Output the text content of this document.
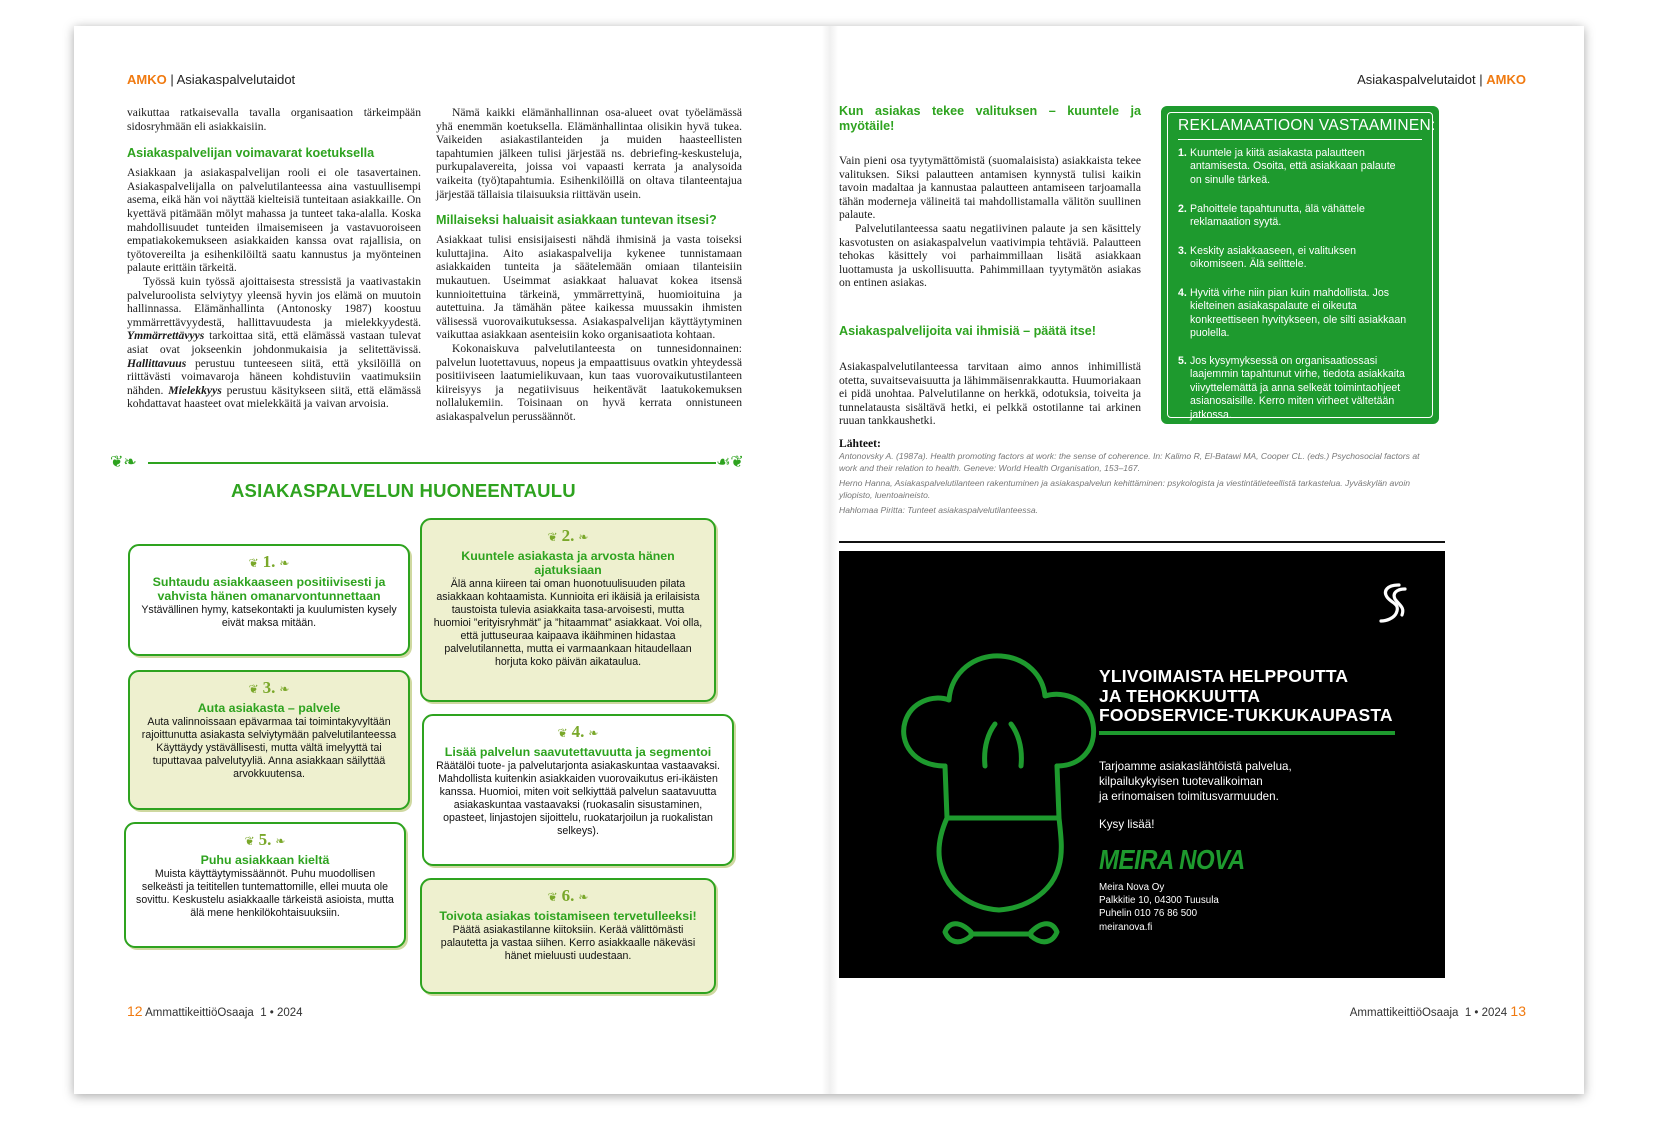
AMKO | Asiakaspalvelutaidot

vaikuttaa ratkaisevalla tavalla organisaation tärkeimpään sidosryhmään eli asiakkaisiin.

Asiakaspalvelijan voimavarat koetuksella

Asiakkaan ja asiakaspalvelijan rooli ei ole tasavertainen. Asiakaspalvelijalla on palvelutilanteessa aina vastuullisempi asema, eikä hän voi näyttää kielteisiä tunteitaan asiakkaille. On kyettävä pitämään mölyt mahassa ja tunteet taka-alalla. Koska mahdollisuudet tunteiden ilmaisemiseen ja vastavuoroiseen empatiakokemukseen asiakkaiden kanssa ovat rajallisia, on työtovereilta ja esihenkilöiltä saatu kannustus ja myönteinen palaute erittäin tärkeitä.

Työssä kuin työssä ajoittaisesta stressistä ja vaativastakin palveluroolista selviytyy yleensä hyvin jos elämä on muutoin hallinnassa. Elämänhallinta (Antonosky 1987) koostuu ymmärrettävyydestä, hallittavuudesta ja mielekkyydestä. Ymmärrettävyys tarkoittaa sitä, että elämässä vastaan tulevat asiat ovat jokseenkin johdonmukaisia ja selitettävissä. Hallittavuus perustuu tunteeseen siitä, että yksilöillä on riittävästi voimavaroja häneen kohdistuviin vaatimuksiin nähden. Mielekkyys perustuu käsitykseen siitä, että elämässä kohdattavat haasteet ovat mielekkäitä ja vaivan arvoisia.

Nämä kaikki elämänhallinnan osa-alueet ovat työelämässä yhä enemmän koetuksella. Elämänhallintaa olisikin hyvä tukea. Vaikeiden asiakastilanteiden ja muiden haasteellisten tapahtumien jälkeen tulisi järjestää ns. debriefing-keskusteluja, purkupalavereita, joissa voi vapaasti kerrata ja analysoida vaikeita (työ)tapahtumia. Esihenkilöillä on oltava tilanteentajua järjestää tällaisia tilaisuuksia riittävän usein.

Millaiseksi haluaisit asiakkaan tuntevan itsesi?

Asiakkaat tulisi ensisijaisesti nähdä ihmisinä ja vasta toiseksi kuluttajina. Aito asiakaspalvelija kykenee tunnistamaan asiakkaiden tunteita ja säätelemään omiaan tilanteisiin mukautuen. Useimmat asiakkaat haluavat kokea itsensä kunnioitettuina tärkeinä, ymmärrettyinä, huomioituina ja autettuina. Ja tämähän pätee kaikessa muussakin ihmisten välisessä vuorovaikutuksessa. Asiakaspalvelijan käyttäytyminen vaikuttaa asiakkaan asenteisiin koko organisaatiota kohtaan.

Kokonaiskuva palvelutilanteesta on tunnesidonnainen: palvelun luotettavuus, nopeus ja empaattisuus ovatkin yhteydessä positiiviseen laatumielikuvaan, kun taas vuorovaikutustilanteen kiireisyys ja negatiivisuus heikentävät laatukokemuksen nollalukemiin. Toisinaan on hyvä kerrata onnistuneen asiakaspalvelun perussäännöt.

❦❧	☙❦
ASIAKASPALVELUN HUONEENTAULU
❦ 1. ❧
Suhtaudu asiakkaaseen positiivisesti ja vahvista hänen omanarvontunnettaan
Ystävällinen hymy, katsekontakti ja kuulumisten kysely eivät maksa mitään.
❦ 2. ❧
Kuuntele asiakasta ja arvosta hänen ajatuksiaan
Älä anna kiireen tai oman huonotuulisuuden pilata asiakkaan kohtaamista. Kunnioita eri ikäisiä ja erilaisista taustoista tulevia asiakkaita tasa-arvoisesti, mutta huomioi ”erityisryhmät” ja ”hitaammat” asiakkaat. Voi olla, että juttuseuraa kaipaava ikäihminen hidastaa palvelutilannetta, mutta ei varmaankaan hitaudellaan horjuta koko päivän aikataulua.
❦ 3. ❧
Auta asiakasta – palvele
Auta valinnoissaan epävarmaa tai toimintakyvyltään rajoittunutta asiakasta selviytymään palvelutilanteessa Käyttäydy ystävällisesti, mutta vältä imelyyttä tai tuputtavaa palvelutyyliä. Anna asiakkaan säilyttää arvokkuutensa.
❦ 4. ❧
Lisää palvelun saavutettavuutta ja segmentoi
Räätälöi tuote- ja palvelutarjonta asiakaskuntaa vastaavaksi. Mahdollista kuitenkin asiakkaiden vuorovaikutus eri-ikäisten kanssa. Huomioi, miten voit selkiyttää palvelun saatavuutta asiakaskuntaa vastaavaksi (ruokasalin sisustaminen, opasteet, linjastojen sijoittelu, ruokatarjoilun ja ruokalistan selkeys).
❦ 5. ❧
Puhu asiakkaan kieltä
Muista käyttäytymissäännöt. Puhu muodollisen selkeästi ja teititellen tuntemattomille, ellei muuta ole sovittu. Keskustelu asiakkaalle tärkeistä asioista, mutta älä mene henkilökohtaisuuksiin.
❦ 6. ❧
Toivota asiakas toistamiseen tervetulleeksi!
Päätä asiakastilanne kiitoksiin. Kerää välittömästi palautetta ja vastaa siihen. Kerro asiakkaalle näkeväsi hänet mieluusti uudestaan.
12 AmmattikeittiöOsaaja 1 • 2024
Asiakaspalvelutaidot | AMKO
Kun asiakas tekee valituksen – kuuntele ja myötäile!

Vain pieni osa tyytymättömistä (suomalaisista) asiakkaista tekee valituksen. Siksi palautteen antamisen kynnystä tulisi kaikin tavoin madaltaa ja kannustaa palautteen antamiseen tarjoamalla tähän moderneja välineitä tai mahdollistamalla välitön suullinen palaute.

Palvelutilanteessa saatu negatiivinen palaute ja sen käsittely kasvotusten on asiakaspalvelun vaativimpia tehtäviä. Palautteen tehokas käsittely voi parhaimmillaan lisätä asiakkaan luottamusta ja uskollisuutta. Pahimmillaan tyytymätön asiakas on entinen asiakas.

Asiakaspalvelijoita vai ihmisiä – päätä itse!

Asiakaspalvelutilanteessa tarvitaan aimo annos inhimillistä otetta, suvaitsevaisuutta ja lähimmäisenrakkautta. Huumoriakaan ei pidä unohtaa. Palvelutilanne on herkkä, odotuksia, toiveita ja tunnelatausta sisältävä hetki, ei pelkkä ostotilanne tai arkinen ruuan tankkaushetki.

REKLAMAATIOON VASTAAMINEN:
1. Kuuntele ja kiitä asiakasta palautteen antamisesta. Osoita, että asiakkaan palaute on sinulle tärkeä.
2. Pahoittele tapahtunutta, älä vähättele reklamaation syytä.
3. Keskity asiakkaaseen, ei valituksen oikomiseen. Älä selittele.
4. Hyvitä virhe niin pian kuin mahdollista. Jos kielteinen asiakaspalaute ei oikeuta konkreettiseen hyvitykseen, ole silti asiakkaan puolella.
5. Jos kysymyksessä on organisaatiossasi laajemmin tapahtunut virhe, tiedota asiakkaita viivyttelemättä ja anna selkeät toimintaohjeet asianosaisille. Kerro miten virheet vältetään jatkossa.
Lähteet:
Antonovsky A. (1987a). Health promoting factors at work: the sense of coherence. In: Kalimo R, El-Batawi MA, Cooper CL. (eds.) Psychosocial factors at work and their relation to health. Geneve: World Health Organisation, 153–167.
Herno Hanna, Asiakaspalvelutilanteen rakentuminen ja asiakaspalvelun kehittäminen: psykologista ja viestintätieteellistä tarkastelua. Jyväskylän avoin yliopisto, luentoaineisto.
Hahlomaa Piritta: Tunteet asiakaspalvelutilanteessa.
YLIVOIMAISTA HELPPOUTTA
JA TEHOKKUUTTA
FOODSERVICE-TUKKUKAUPASTA
Tarjoamme asiakaslähtöistä palvelua,
kilpailukykyisen tuotevalikoiman
ja erinomaisen toimitusvarmuuden.
Kysy lisää!
MEIRA NOVA
Meira Nova Oy
Palkkitie 10, 04300 Tuusula
Puhelin 010 76 86 500
meiranova.fi
AmmattikeittiöOsaaja 1 • 2024 13
